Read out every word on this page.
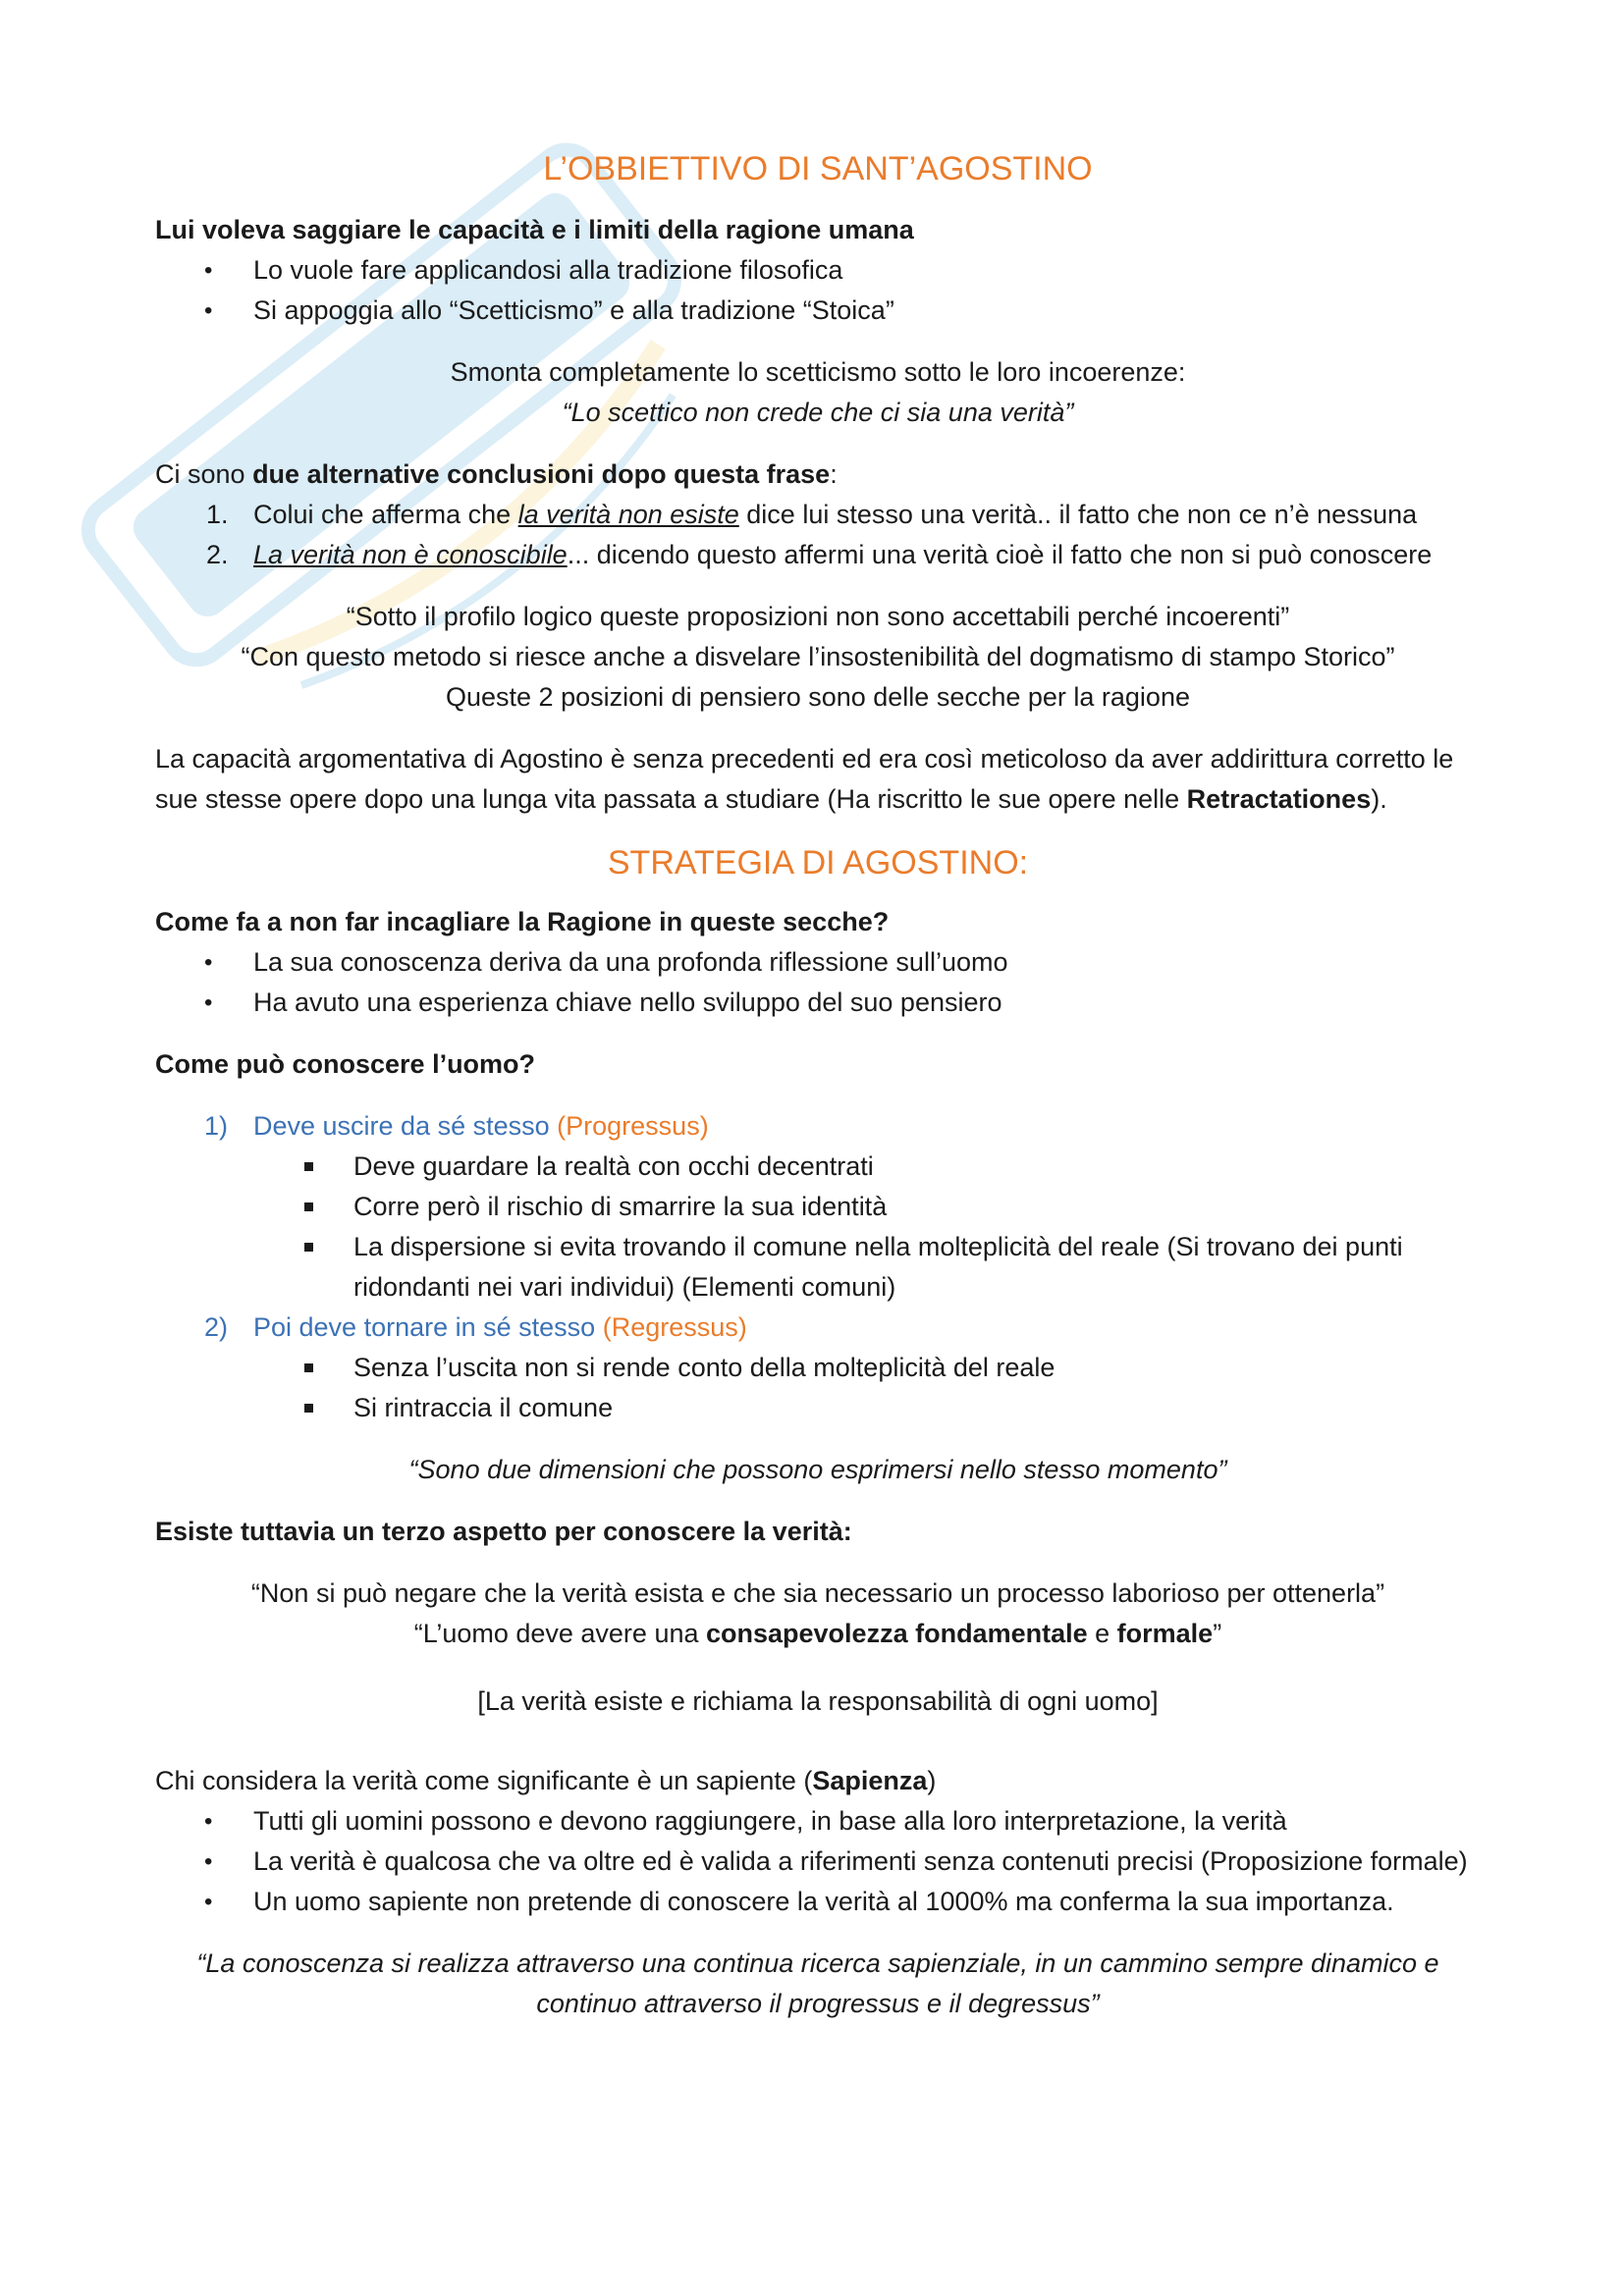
L’OBBIETTIVO DI SANT’AGOSTINO

Lui voleva saggiare le capacità e i limiti della ragione umana

• Lo vuole fare applicandosi alla tradizione filosofica
• Si appoggia allo “Scetticismo” e alla tradizione “Stoica”
Smonta completamente lo scetticismo sotto le loro incoerenze:
“Lo scettico non crede che ci sia una verità”

Ci sono due alternative conclusioni dopo questa frase:

1. Colui che afferma che la verità non esiste dice lui stesso una verità.. il fatto che non ce n’è nessuna
2. La verità non è conoscibile... dicendo questo affermi una verità cioè il fatto che non si può conoscere
“Sotto il profilo logico queste proposizioni non sono accettabili perché incoerenti”
“Con questo metodo si riesce anche a disvelare l’insostenibilità del dogmatismo di stampo Storico”
Queste 2 posizioni di pensiero sono delle secche per la ragione

La capacità argomentativa di Agostino è senza precedenti ed era così meticoloso da aver addirittura corretto le sue stesse opere dopo una lunga vita passata a studiare (Ha riscritto le sue opere nelle Retractationes).

STRATEGIA DI AGOSTINO:

Come fa a non far incagliare la Ragione in queste secche?

• La sua conoscenza deriva da una profonda riflessione sull’uomo
• Ha avuto una esperienza chiave nello sviluppo del suo pensiero

Come può conoscere l’uomo?

1) Deve uscire da sé stesso (Progressus)
Deve guardare la realtà con occhi decentrati
Corre però il rischio di smarrire la sua identità
La dispersione si evita trovando il comune nella molteplicità del reale (Si trovano dei punti ridondanti nei vari individui) (Elementi comuni)
2) Poi deve tornare in sé stesso (Regressus)
Senza l’uscita non si rende conto della molteplicità del reale
Si rintraccia il comune
“Sono due dimensioni che possono esprimersi nello stesso momento”

Esiste tuttavia un terzo aspetto per conoscere la verità:

“Non si può negare che la verità esista e che sia necessario un processo laborioso per ottenerla”
“L’uomo deve avere una consapevolezza fondamentale e formale”
[La verità esiste e richiama la responsabilità di ogni uomo]

Chi considera la verità come significante è un sapiente (Sapienza)

• Tutti gli uomini possono e devono raggiungere, in base alla loro interpretazione, la verità
• La verità è qualcosa che va oltre ed è valida a riferimenti senza contenuti precisi (Proposizione formale)
• Un uomo sapiente non pretende di conoscere la verità al 1000% ma conferma la sua importanza.
“La conoscenza si realizza attraverso una continua ricerca sapienziale, in un cammino sempre dinamico e continuo attraverso il progressus e il degressus”
